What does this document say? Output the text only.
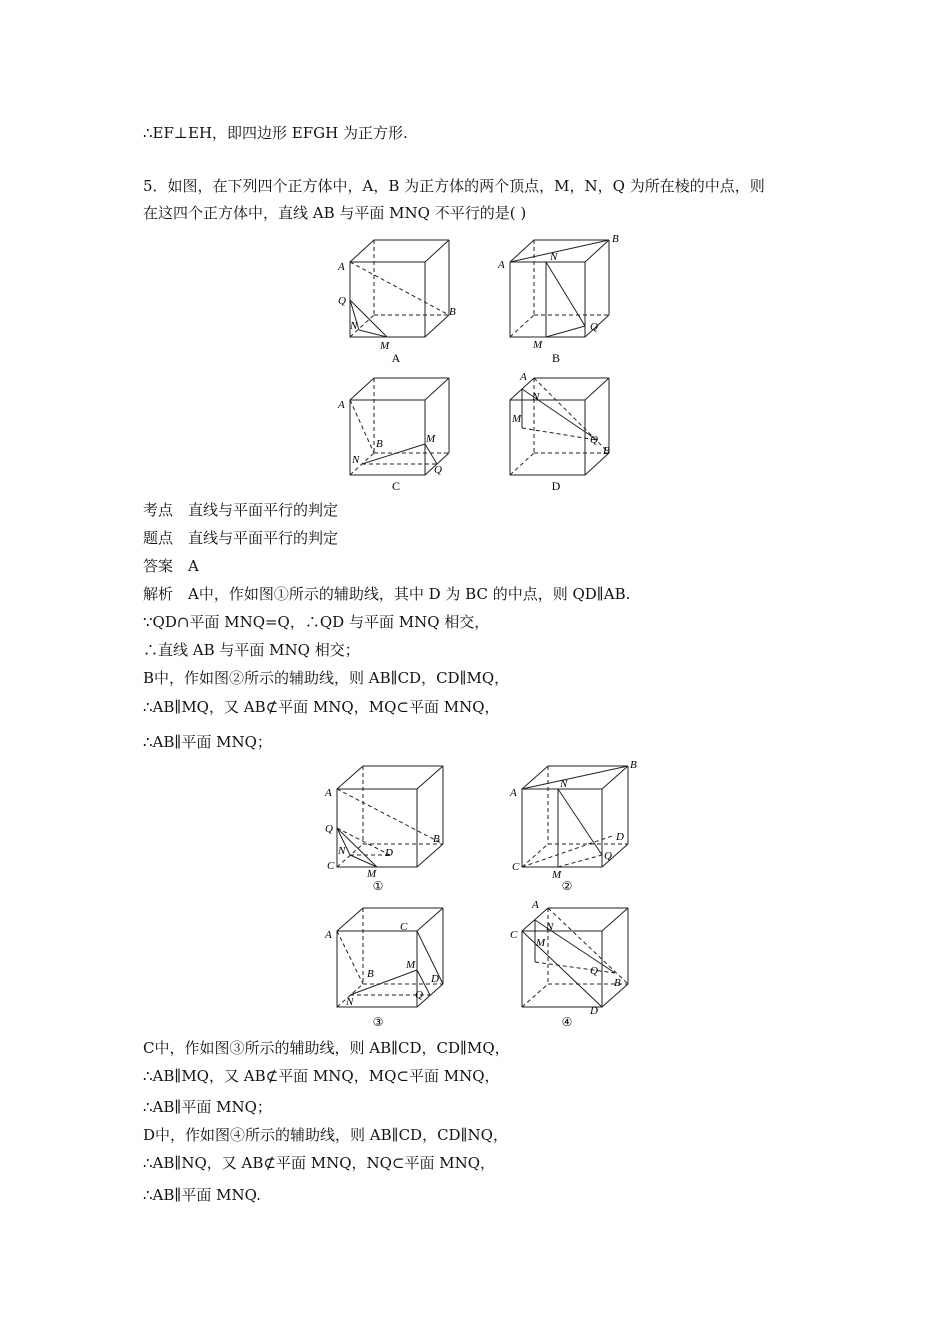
∴EF⊥EH，即四边形 EFGH 为正方形.
5．如图，在下列四个正方体中，A，B 为正方体的两个顶点，M，N，Q 为所在棱的中点，则
在这四个正方体中，直线 AB 与平面 MNQ 不平行的是( )
考点　直线与平面平行的判定
题点　直线与平面平行的判定
答案　A
解析　A中，作如图①所示的辅助线，其中 D 为 BC 的中点，则 QD∥AB.
∵QD∩平面 MNQ=Q，∴QD 与平面 MNQ 相交，
∴直线 AB 与平面 MNQ 相交；
B中，作如图②所示的辅助线，则 AB∥CD，CD∥MQ，
∴AB∥MQ，又 AB⊄平面 MNQ，MQ⊂平面 MNQ，
∴AB∥平面 MNQ；
C中，作如图③所示的辅助线，则 AB∥CD，CD∥MQ，
∴AB∥MQ，又 AB⊄平面 MNQ，MQ⊂平面 MNQ，
∴AB∥平面 MNQ；
D中，作如图④所示的辅助线，则 AB∥CD，CD∥NQ，
∴AB∥NQ，又 AB⊄平面 MNQ，NQ⊂平面 MNQ，
∴AB∥平面 MNQ.
A
Q
N
M
B
A
A
B
N
M
Q
B
A
B	M
N
Q
C
A
N
M
Q
B
D
A
Q
N	D
C
M
B
①
A
B
N
D
Q
C
M
②
A
C
B
M
D
N
Q
③
A
C
N
M
Q
B
D
④
